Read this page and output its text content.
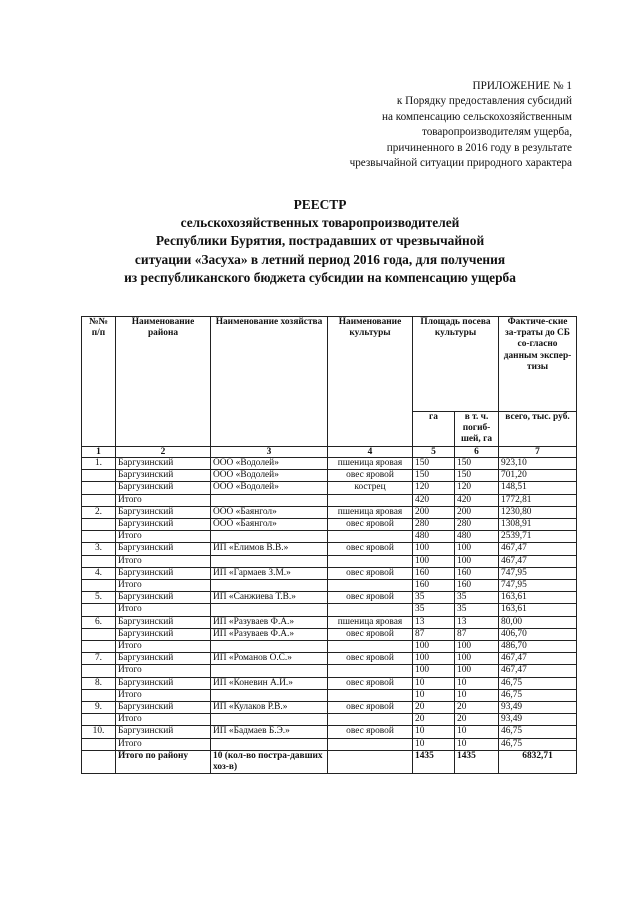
ПРИЛОЖЕНИЕ № 1
к Порядку предоставления субсидий
на компенсацию сельскохозяйственным
товаропроизводителям ущерба,
причиненного в 2016 году в результате
чрезвычайной ситуации природного характера
РЕЕСТР
сельскохозяйственных товаропроизводителей
Республики Бурятия, пострадавших от чрезвычайной
ситуации «Засуха» в летний период 2016 года, для получения
из республиканского бюджета субсидии на компенсацию ущерба
№№ п/п	Наименование района	Наименование хозяйства	Наименование культуры	Площадь посева культуры		Фактиче-ские за-траты до СБ со-гласно данным экспер-тизы
				га	в т. ч. погиб-шей, га	всего, тыс. руб.
1	2	3	4	5	6	7
1.	Баргузинский	ООО «Водолей»	пшеница яровая	150	150	923,10
	Баргузинский	ООО «Водолей»	овес яровой	150	150	701,20
	Баргузинский	ООО «Водолей»	кострец	120	120	148,51
	Итого			420	420	1772,81
2.	Баргузинский	ООО «Баянгол»	пшеница яровая	200	200	1230,80
	Баргузинский	ООО «Баянгол»	овес яровой	280	280	1308,91
	Итого			480	480	2539,71
3.	Баргузинский	ИП «Елимов В.В.»	овес яровой	100	100	467,47
	Итого			100	100	467,47
4.	Баргузинский	ИП «Гармаев З.М.»	овес яровой	160	160	747,95
	Итого			160	160	747,95
5.	Баргузинский	ИП «Санжиева Т.В.»	овес яровой	35	35	163,61
	Итого			35	35	163,61
6.	Баргузинский	ИП «Разуваев Ф.А.»	пшеница яровая	13	13	80,00
	Баргузинский	ИП «Разуваев Ф.А.»	овес яровой	87	87	406,70
	Итого			100	100	486,70
7.	Баргузинский	ИП «Романов О.С.»	овес яровой	100	100	467,47
	Итого			100	100	467,47
8.	Баргузинский	ИП «Коневин А.И.»	овес яровой	10	10	46,75
	Итого			10	10	46,75
9.	Баргузинский	ИП «Кулаков Р.В.»	овес яровой	20	20	93,49
	Итого			20	20	93,49
10.	Баргузинский	ИП «Бадмаев Б.Э.»	овес яровой	10	10	46,75
	Итого			10	10	46,75
	Итого по району	10 (кол-во постра-давших хоз-в)		1435	1435	6832,71
